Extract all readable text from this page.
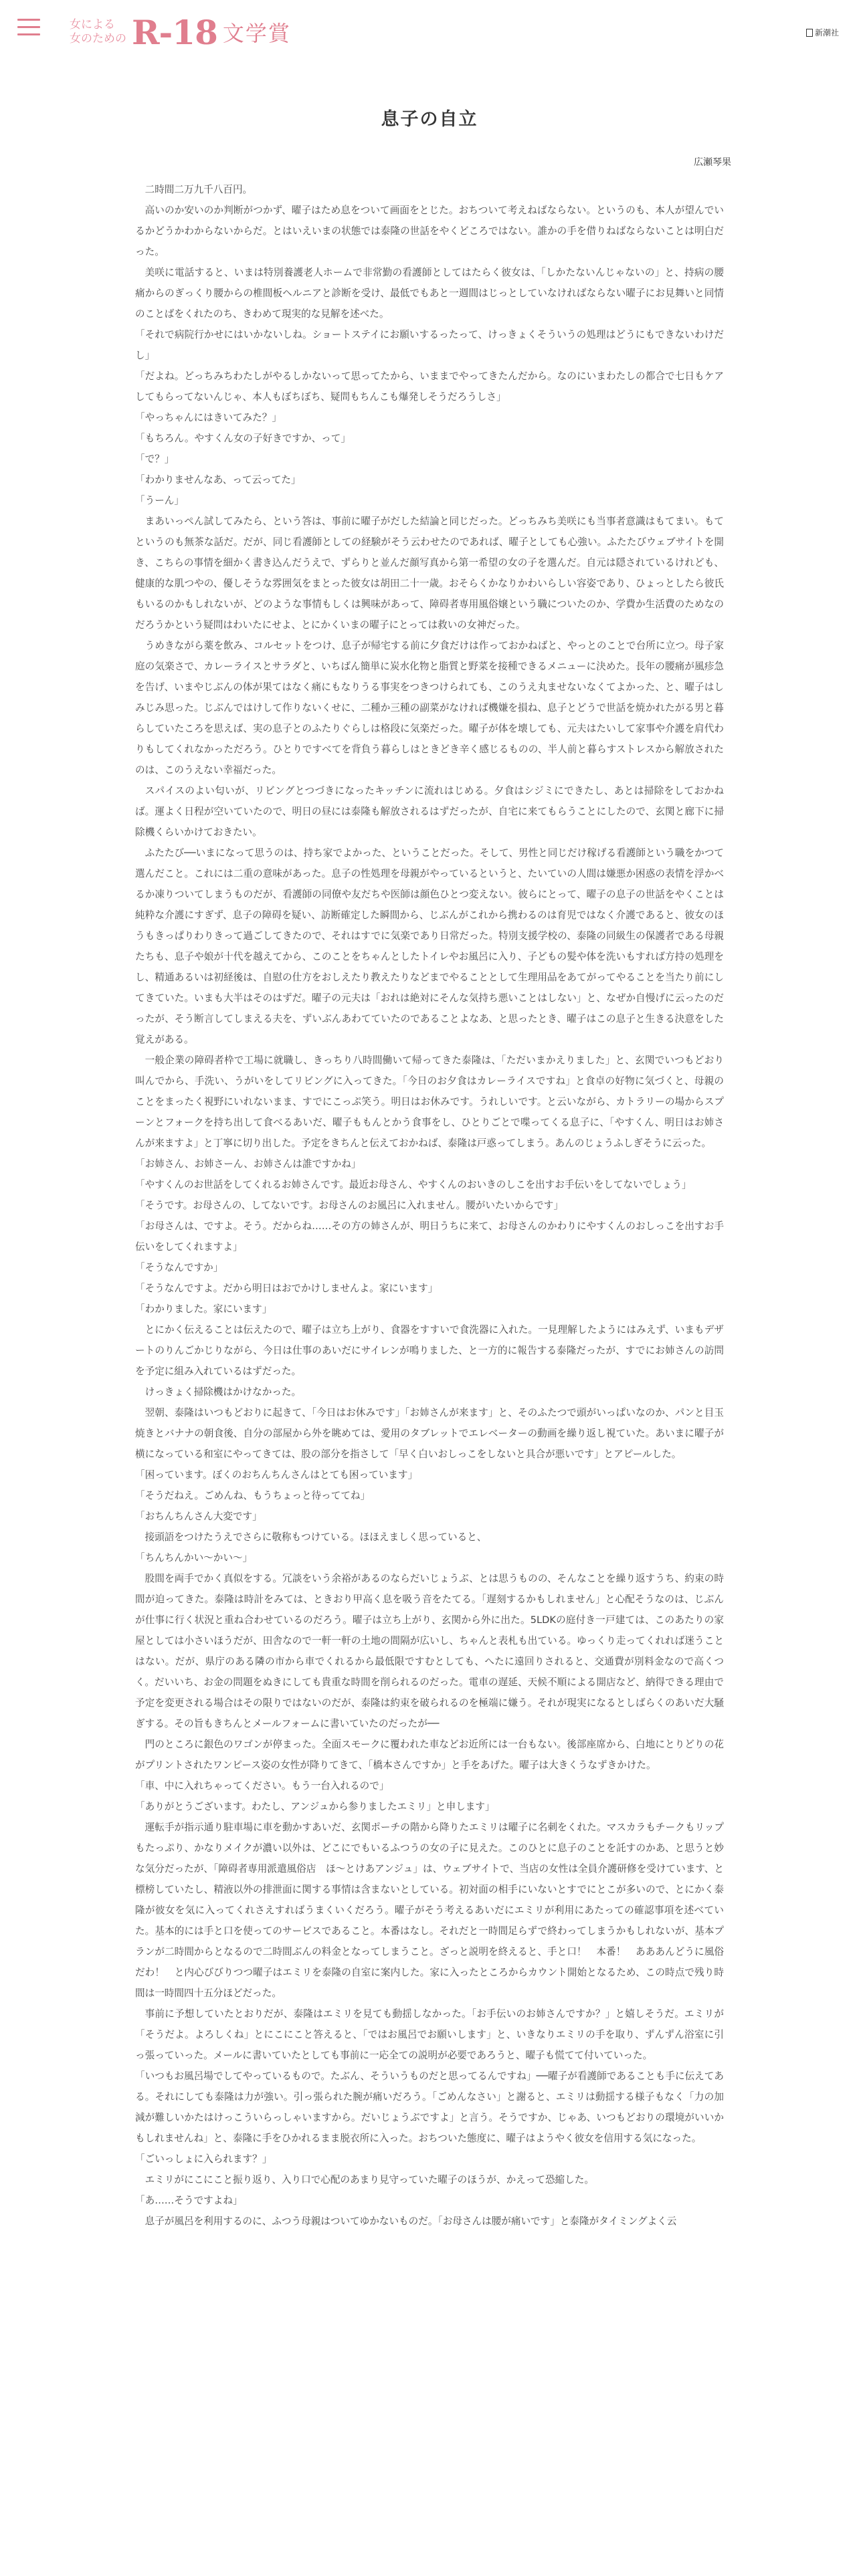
女による
女のための R-18 文学賞	新潮社
息子の自立
広瀬琴果

二時間二万九千八百円。

高いのか安いのか判断がつかず、曜子はため息をついて画面をとじた。おちついて考えねばならない。というのも、本人が望んでいるかどうかわからないからだ。とはいえいまの状態では泰隆の世話をやくどころではない。誰かの手を借りねばならないことは明白だった。

美咲に電話すると、いまは特別養護老人ホームで非常勤の看護師としてはたらく彼女は、「しかたないんじゃないの」と、持病の腰痛からのぎっくり腰からの椎間板ヘルニアと診断を受け、最低でもあと一週間はじっとしていなければならない曜子にお見舞いと同情のことばをくれたのち、きわめて現実的な見解を述べた。

「それで病院行かせにはいかないしね。ショートステイにお願いするったって、けっきょくそういうの処理はどうにもできないわけだし」

「だよね。どっちみちわたしがやるしかないって思ってたから、いままでやってきたんだから。なのにいまわたしの都合で七日もケアしてもらってないんじゃ、本人もぼちぼち、疑問もちんこも爆発しそうだろうしさ」

「やっちゃんにはきいてみた？」

「もちろん。やすくん女の子好きですか、って」

「で？」

「わかりませんなあ、って云ってた」

「うーん」

まあいっぺん試してみたら、という答は、事前に曜子がだした結論と同じだった。どっちみち美咲にも当事者意識はもてまい。もてというのも無茶な話だ。だが、同じ看護師としての経験がそう云わせたのであれば、曜子としても心強い。ふたたびウェブサイトを開き、こちらの事情を細かく書き込んだうえで、ずらりと並んだ顔写真から第一希望の女の子を選んだ。自元は隠されているけれども、健康的な肌つやの、優しそうな雰囲気をまとった彼女は胡田二十一歳。おそらくかなりかわいらしい容姿であり、ひょっとしたら彼氏もいるのかもしれないが、どのような事情もしくは興味があって、障碍者専用風俗嬢という職についたのか、学費か生活費のためなのだろうかという疑問はわいたにせよ、とにかくいまの曜子にとっては救いの女神だった。

うめきながら薬を飲み、コルセットをつけ、息子が帰宅する前に夕食だけは作っておかねばと、やっとのことで台所に立つ。母子家庭の気楽さで、カレーライスとサラダと、いちばん簡単に炭水化物と脂質と野菜を接種できるメニューに決めた。長年の腰痛が風疹急を告げ、いまやじぶんの体が果てはなく痛にもなりうる事実をつきつけられても、このうえ丸ませないなくてよかった、と、曜子はしみじみ思った。じぶんではけして作りないくせに、二種か三種の副菜がなければ機嫌を損ね、息子とどうで世話を焼かれたがる男と暮らしていたころを思えば、実の息子とのふたりぐらしは格段に気楽だった。曜子が体を壊しても、元夫はたいして家事や介護を肩代わりもしてくれなかっただろう。ひとりですべてを背負う暮らしはときどき辛く感じるものの、半人前と暮らすストレスから解放されたのは、このうえない幸福だった。

スパイスのよい匂いが、リビングとつづきになったキッチンに流れはじめる。夕食はシジミにできたし、あとは掃除をしておかねば。運よく日程が空いていたので、明日の昼には泰隆も解放されるはずだったが、自宅に来てもらうことにしたので、玄関と廊下に掃除機くらいかけておきたい。

ふたたび──いまになって思うのは、持ち家でよかった、ということだった。そして、男性と同じだけ稼げる看護師という職をかつて選んだこと。これには二重の意味があった。息子の性処理を母親がやっているというと、たいていの人間は嫌悪か困惑の表情を浮かべるか凍りついてしまうものだが、看護師の同僚や友だちや医師は顔色ひとつ変えない。彼らにとって、曜子の息子の世話をやくことは純粋な介護にすぎず、息子の障碍を疑い、訪断確定した瞬間から、じぶんがこれから携わるのは育児ではなく介護であると、彼女のほうもきっぱりわりきって過ごしてきたので、それはすでに気楽であり日常だった。特別支援学校の、泰隆の同級生の保護者である母親たちも、息子や娘が十代を越えてから、このことをちゃんとしたトイレやお風呂に入り、子どもの髪や体を洗いもすれば方持の処理をし、精通あるいは初経後は、自慰の仕方をおしえたり教えたりなどまでやることとして生理用品をあてがってやることを当たり前にしてきていた。いまも大半はそのはずだ。曜子の元夫は「おれは絶対にそんな気持ち悪いことはしない」と、なぜか自慢げに云ったのだったが、そう断言してしまえる夫を、ずいぶんあわてていたのであることよなあ、と思ったとき、曜子はこの息子と生きる決意をした覚えがある。

一般企業の障碍者枠で工場に就職し、きっちり八時間働いて帰ってきた泰隆は、「ただいまかえりました」と、玄関でいつもどおり叫んでから、手洗い、うがいをしてリビングに入ってきた。「今日のお夕食はカレーライスですね」と食卓の好物に気づくと、母親のことをまったく視野にいれないまま、すでにこっぷ笑う。明日はお休みです。うれしいです。と云いながら、カトラリーの場からスプーンとフォークを持ち出して食べるあいだ、曜子ももんとかう食事をし、ひとりごとで喋ってくる息子に、「やすくん、明日はお姉さんが来ますよ」と丁寧に切り出した。予定をきちんと伝えておかねば、泰隆は戸惑ってしまう。あんのじょうふしぎそうに云った。

「お姉さん、お姉さーん、お姉さんは誰ですかね」

「やすくんのお世話をしてくれるお姉さんです。最近お母さん、やすくんのおいきのしこを出すお手伝いをしてないでしょう」

「そうです。お母さんの、してないです。お母さんのお風呂に入れません。腰がいたいからです」

「お母さんは、ですよ。そう。だからね……その方の姉さんが、明日うちに来て、お母さんのかわりにやすくんのおしっこを出すお手伝いをしてくれますよ」

「そうなんですか」

「そうなんですよ。だから明日はおでかけしませんよ。家にいます」

「わかりました。家にいます」

とにかく伝えることは伝えたので、曜子は立ち上がり、食器をすすいで食洗器に入れた。一見理解したようにはみえず、いまもデザートのりんごかじりながら、今日は仕事のあいだにサイレンが鳴りました、と一方的に報告する泰隆だったが、すでにお姉さんの訪問を予定に組み入れているはずだった。

けっきょく掃除機はかけなかった。

翌朝、泰隆はいつもどおりに起きて、「今日はお休みです」「お姉さんが来ます」と、そのふたつで頭がいっぱいなのか、パンと目玉焼きとバナナの朝食後、自分の部屋から外を眺めては、愛用のタブレットでエレベーターの動画を繰り返し視ていた。あいまに曜子が横になっている和室にやってきては、股の部分を指さして「早く白いおしっこをしないと具合が悪いです」とアピールした。

「困っています。ぼくのおちんちんさんはとても困っています」

「そうだねえ。ごめんね、もうちょっと待っててね」

「おちんちんさん大変です」

接頭語をつけたうえでさらに敬称もつけている。ほほえましく思っていると、

「ちんちんかい〜かい〜」

股間を両手でかく真似をする。冗談をいう余裕があるのならだいじょうぶ、とは思うものの、そんなことを繰り返すうち、約束の時間が迫ってきた。泰隆は時計をみては、ときおり甲高く息を吸う音をたてる。「遅刻するかもしれません」と心配そうなのは、じぶんが仕事に行く状況と重ね合わせているのだろう。曜子は立ち上がり、玄関から外に出た。5LDKの庭付き一戸建ては、このあたりの家屋としては小さいほうだが、田舎なので一軒一軒の土地の間隔が広いし、ちゃんと表札も出ている。ゆっくり走ってくれれば迷うことはない。だが、県庁のある隣の市から車でくれるから最低限ですむとしても、へたに遠回りされると、交通費が別料金なので高くつく。だいいち、お金の問題をぬきにしても貴重な時間を削られるのだった。電車の遅延、天候不順による開店など、納得できる理由で予定を変更される場合はその限りではないのだが、泰隆は約束を破られるのを極端に嫌う。それが現実になるとしばらくのあいだ大騒ぎする。その旨もきちんとメールフォームに書いていたのだったが──

門のところに銀色のワゴンが停まった。全面スモークに覆われた車などお近所には一台もない。後部座席から、白地にとりどりの花がプリントされたワンピース姿の女性が降りてきて、「橋本さんですか」と手をあげた。曜子は大きくうなずきかけた。

「車、中に入れちゃってください。もう一台入れるので」

「ありがとうございます。わたし、アンジュから参りましたエミリ」と申します」

運転手が指示通り駐車場に車を動かすあいだ、玄関ポーチの階から降りたエミリは曜子に名刺をくれた。マスカラもチークもリップもたっぷり、かなりメイクが濃い以外は、どこにでもいるふつうの女の子に見えた。このひとに息子のことを託すのかあ、と思うと妙な気分だったが、「障碍者専用派遣風俗店　ほ〜とけあアンジュ」は、ウェブサイトで、当店の女性は全員介護研修を受けています、と標榜していたし、精液以外の排泄面に関する事情は含まないとしている。初対面の相手にいないとすでにとこが多いので、とにかく泰隆が彼女を気に入ってくれさえすればうまくいくだろう。曜子がそう考えるあいだにエミリが利用にあたっての確認事項を述べていた。基本的には手と口を使ってのサービスであること。本番はなし。それだと一時間足らずで終わってしまうかもしれないが、基本プランが二時間からとなるので二時間ぶんの料金となってしまうこと。ざっと説明を終えると、手と口！　本番！　あああんどうに風俗だわ！　と内心びびりつつ曜子はエミリを泰隆の自室に案内した。家に入ったところからカウント開始となるため、この時点で残り時間は一時間四十五分ほどだった。

事前に予想していたとおりだが、泰隆はエミリを見ても動揺しなかった。「お手伝いのお姉さんですか？」と嬉しそうだ。エミリが「そうだよ。よろしくね」とにこにこと答えると、「ではお風呂でお願いします」と、いきなりエミリの手を取り、ずんずん浴室に引っ張っていった。メールに書いていたとしても事前に一応全ての説明が必要であろうと、曜子も慌てて付いていった。

「いつもお風呂場でしてやっているもので。たぶん、そういうものだと思ってるんですね」──曜子が看護師であることも手に伝えてある。それにしても泰隆は力が強い。引っ張られた腕が痛いだろう。「ごめんなさい」と謝ると、エミリは動揺する様子もなく「力の加減が難しいかたはけっこういらっしゃいますから。だいじょうぶですよ」と言う。そうですか、じゃあ、いつもどおりの環境がいいかもしれませんね」と、泰隆に手をひかれるまま脱衣所に入った。おちついた態度に、曜子はようやく彼女を信用する気になった。

「ごいっしょに入られます？」

エミリがにこにこと振り返り、入り口で心配のあまり見守っていた曜子のほうが、かえって恐縮した。

「あ……そうですよね」

息子が風呂を利用するのに、ふつう母親はついてゆかないものだ。「お母さんは腰が痛いです」と泰隆がタイミングよく云
